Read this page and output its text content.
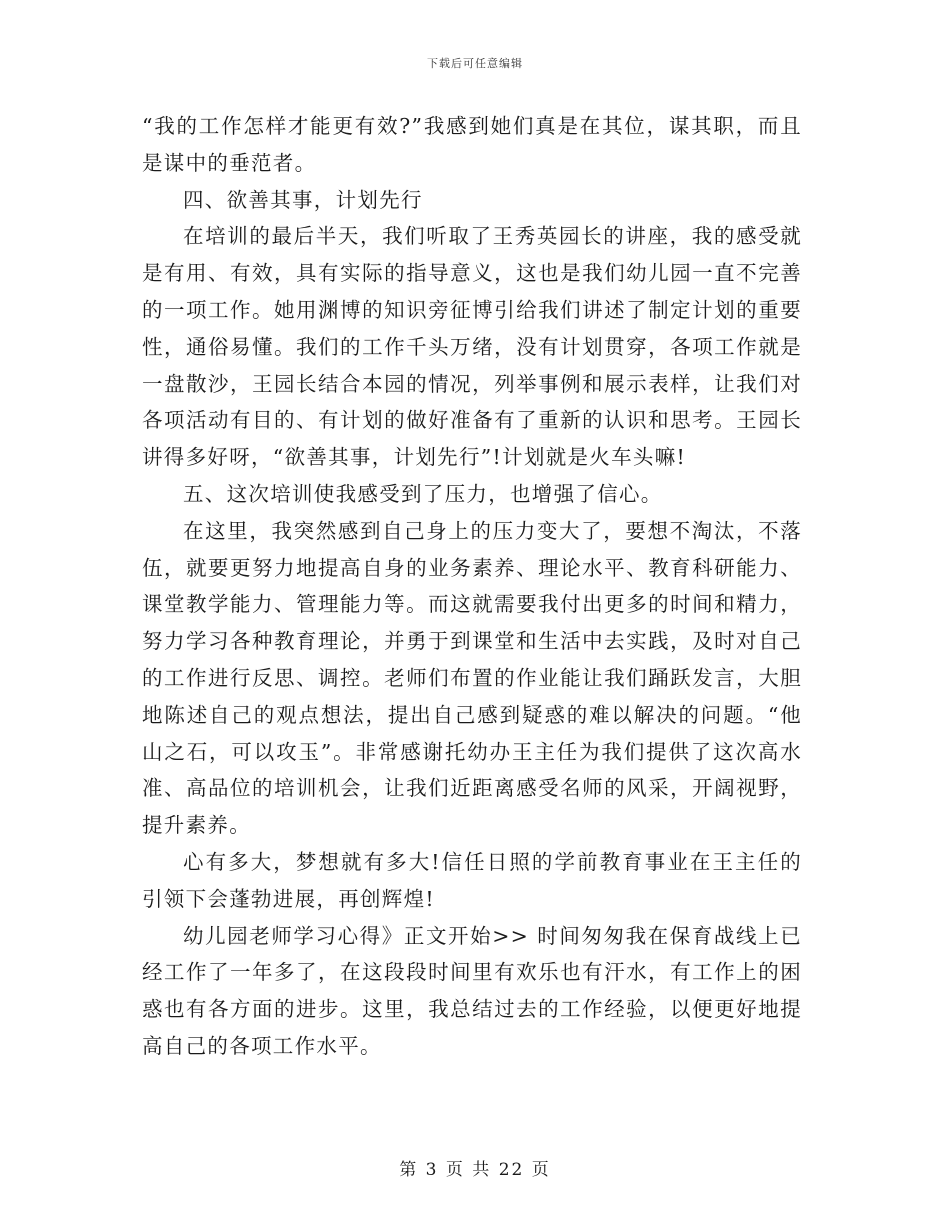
下载后可任意编辑

“我的工作怎样才能更有效?”我感到她们真是在其位，谋其职，而且是谋中的垂范者。

四、欲善其事，计划先行

在培训的最后半天，我们听取了王秀英园长的讲座，我的感受就是有用、有效，具有实际的指导意义，这也是我们幼儿园一直不完善的一项工作。她用渊博的知识旁征博引给我们讲述了制定计划的重要性，通俗易懂。我们的工作千头万绪，没有计划贯穿，各项工作就是一盘散沙，王园长结合本园的情况，列举事例和展示表样，让我们对各项活动有目的、有计划的做好准备有了重新的认识和思考。王园长讲得多好呀，“欲善其事，计划先行”!计划就是火车头嘛!

五、这次培训使我感受到了压力，也增强了信心。

在这里，我突然感到自己身上的压力变大了，要想不淘汰，不落伍，就要更努力地提高自身的业务素养、理论水平、教育科研能力、课堂教学能力、管理能力等。而这就需要我付出更多的时间和精力，努力学习各种教育理论，并勇于到课堂和生活中去实践，及时对自己的工作进行反思、调控。老师们布置的作业能让我们踊跃发言，大胆地陈述自己的观点想法，提出自己感到疑惑的难以解决的问题。“他山之石，可以攻玉”。非常感谢托幼办王主任为我们提供了这次高水准、高品位的培训机会，让我们近距离感受名师的风采，开阔视野，提升素养。

心有多大，梦想就有多大!信任日照的学前教育事业在王主任的引领下会蓬勃进展，再创辉煌!

幼儿园老师学习心得》正文开始>> 时间匆匆我在保育战线上已经工作了一年多了，在这段段时间里有欢乐也有汗水，有工作上的困惑也有各方面的进步。这里，我总结过去的工作经验，以便更好地提高自己的各项工作水平。

第 3 页 共 22 页
